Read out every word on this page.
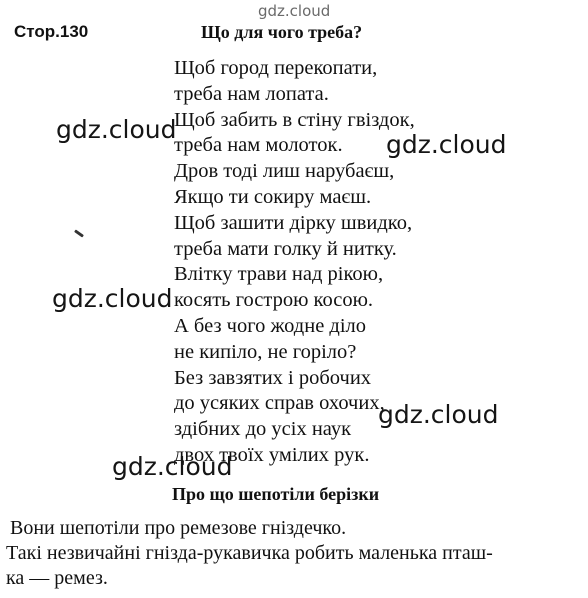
gdz.cloud
Стор.130	Що для чого треба?
Щоб город перекопати,
треба нам лопата.
Щоб забить в стіну гвіздок,
треба нам молоток.
Дров тоді лиш нарубаєш,
Якщо ти сокиру маєш.
Щоб зашити дірку швидко,
треба мати голку й нитку.
Влітку трави над рікою,
косять гострою косою.
А без чого жодне діло
не кипіло, не горіло?
Без завзятих і робочих
до усяких справ охочих,
здібних до усіх наук
двох твоїх умілих рук.
Про що шепотіли берізки
Вони шепотіли про ремезове гніздечко.
Такі незвичайні гнізда-рукавичка робить маленька пташ-
ка — ремез.
gdz.cloud
gdz.cloud
gdz.cloud
gdz.cloud
gdz.cloud
